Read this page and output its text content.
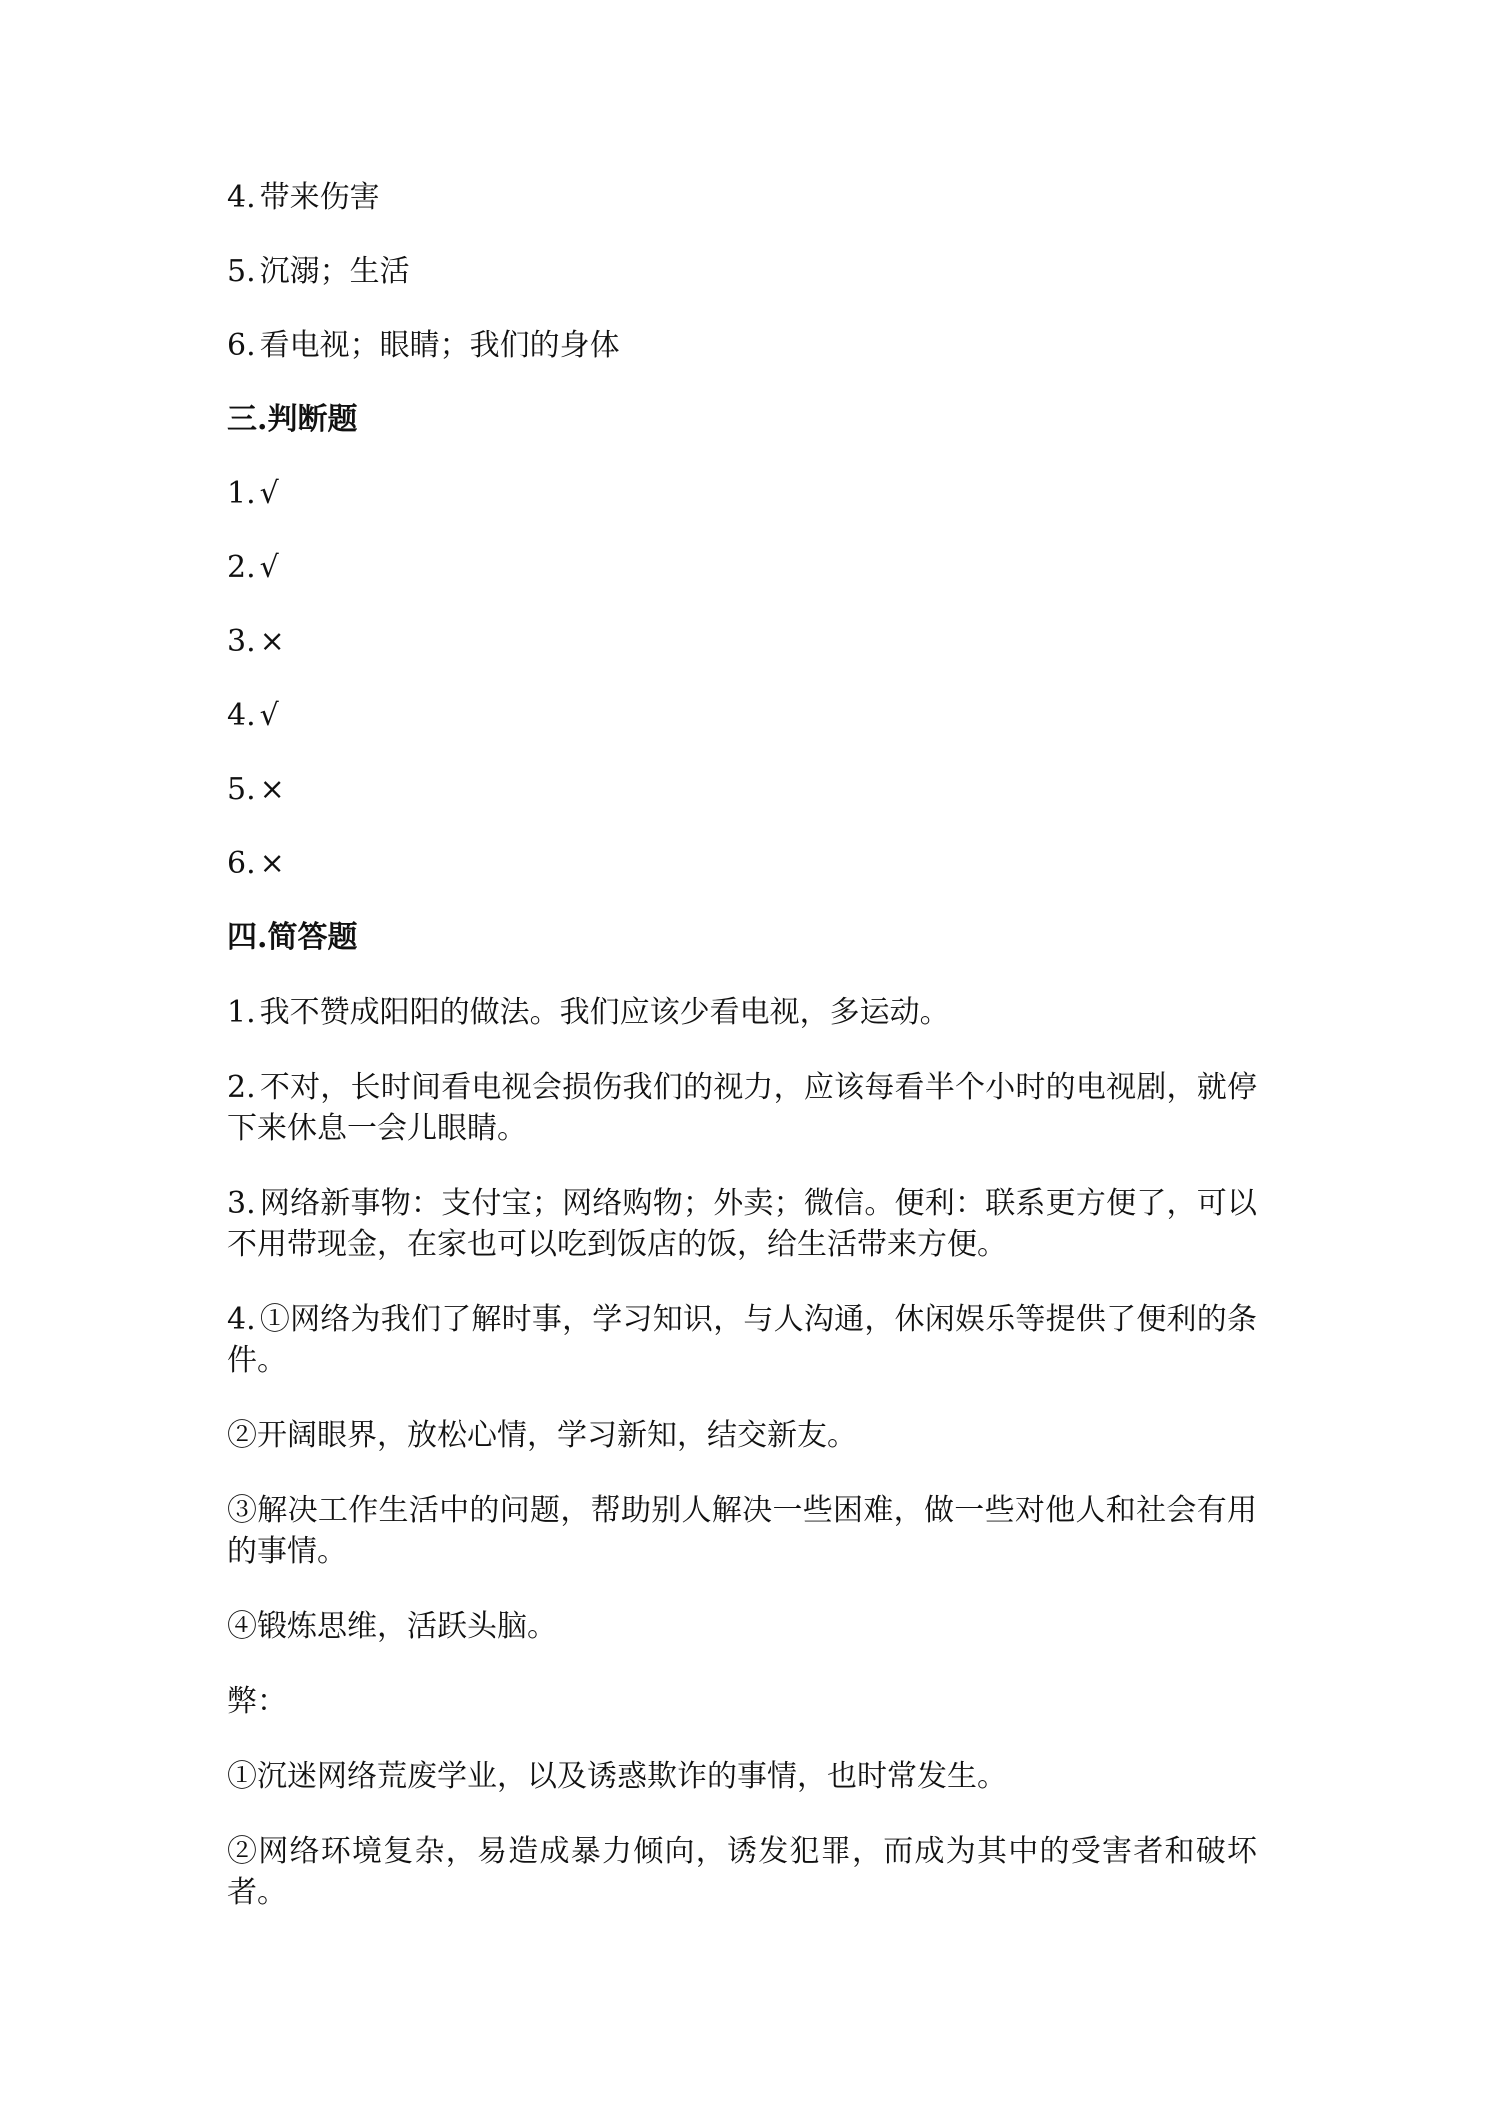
4. 带来伤害
5. 沉溺；生活
6. 看电视；眼睛；我们的身体
三.判断题
1. √
2. √
3. ×
4. √
5. ×
6. ×
四.简答题
1. 我不赞成阳阳的做法。我们应该少看电视，多运动。
2. 不对，长时间看电视会损伤我们的视力，应该每看半个小时的电视剧，就停下来休息一会儿眼睛。
3. 网络新事物：支付宝；网络购物；外卖；微信。便利：联系更方便了，可以不用带现金，在家也可以吃到饭店的饭，给生活带来方便。
4. ①网络为我们了解时事，学习知识，与人沟通，休闲娱乐等提供了便利的条件。
②开阔眼界，放松心情，学习新知，结交新友。
③解决工作生活中的问题，帮助别人解决一些困难，做一些对他人和社会有用的事情。
④锻炼思维，活跃头脑。
弊：
①沉迷网络荒废学业，以及诱惑欺诈的事情，也时常发生。
②网络环境复杂，易造成暴力倾向，诱发犯罪，而成为其中的受害者和破坏者。
